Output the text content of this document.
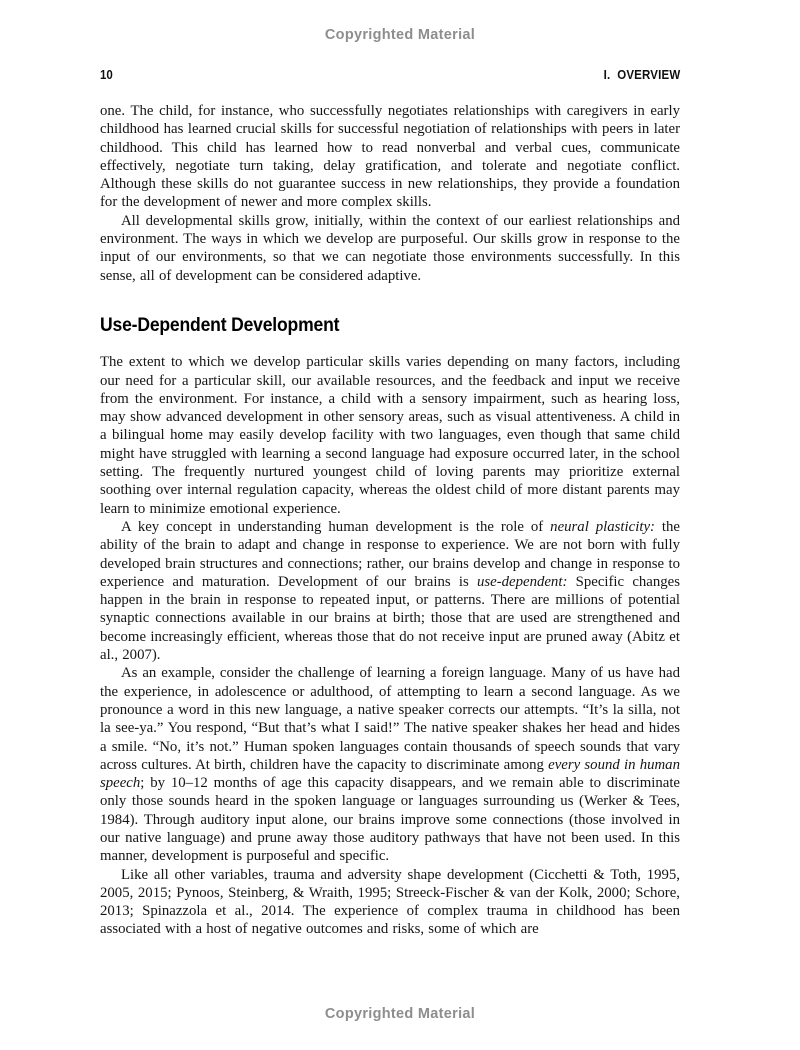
Copyrighted Material
10	I.  OVERVIEW

one. The child, for instance, who successfully negotiates relationships with caregivers in early childhood has learned crucial skills for successful negotiation of relationships with peers in later childhood. This child has learned how to read nonverbal and verbal cues, communicate effectively, negotiate turn taking, delay gratification, and tolerate and negotiate conflict. Although these skills do not guarantee success in new relationships, they provide a foundation for the development of newer and more complex skills.

All developmental skills grow, initially, within the context of our earliest relationships and environment. The ways in which we develop are purposeful. Our skills grow in response to the input of our environments, so that we can negotiate those environments successfully. In this sense, all of development can be considered adaptive.

Use-Dependent Development

The extent to which we develop particular skills varies depending on many factors, including our need for a particular skill, our available resources, and the feedback and input we receive from the environment. For instance, a child with a sensory impairment, such as hearing loss, may show advanced development in other sensory areas, such as visual attentiveness. A child in a bilingual home may easily develop facility with two languages, even though that same child might have struggled with learning a second language had exposure occurred later, in the school setting. The frequently nurtured youngest child of loving parents may prioritize external soothing over internal regulation capacity, whereas the oldest child of more distant parents may learn to minimize emotional experience.

A key concept in understanding human development is the role of neural plasticity: the ability of the brain to adapt and change in response to experience. We are not born with fully developed brain structures and connections; rather, our brains develop and change in response to experience and maturation. Development of our brains is use-dependent: Specific changes happen in the brain in response to repeated input, or patterns. There are millions of potential synaptic connections available in our brains at birth; those that are used are strengthened and become increasingly efficient, whereas those that do not receive input are pruned away (Abitz et al., 2007).

As an example, consider the challenge of learning a foreign language. Many of us have had the experience, in adolescence or adulthood, of attempting to learn a second language. As we pronounce a word in this new language, a native speaker corrects our attempts. “It’s la silla, not la see-ya.” You respond, “But that’s what I said!” The native speaker shakes her head and hides a smile. “No, it’s not.” Human spoken languages contain thousands of speech sounds that vary across cultures. At birth, children have the capacity to discriminate among every sound in human speech; by 10–12 months of age this capacity disappears, and we remain able to discriminate only those sounds heard in the spoken language or languages surrounding us (Werker & Tees, 1984). Through auditory input alone, our brains improve some connections (those involved in our native language) and prune away those auditory pathways that have not been used. In this manner, development is purposeful and specific.

Like all other variables, trauma and adversity shape development (Cicchetti & Toth, 1995, 2005, 2015; Pynoos, Steinberg, & Wraith, 1995; Streeck-Fischer & van der Kolk, 2000; Schore, 2013; Spinazzola et al., 2014. The experience of complex trauma in childhood has been associated with a host of negative outcomes and risks, some of which are

Copyrighted Material
